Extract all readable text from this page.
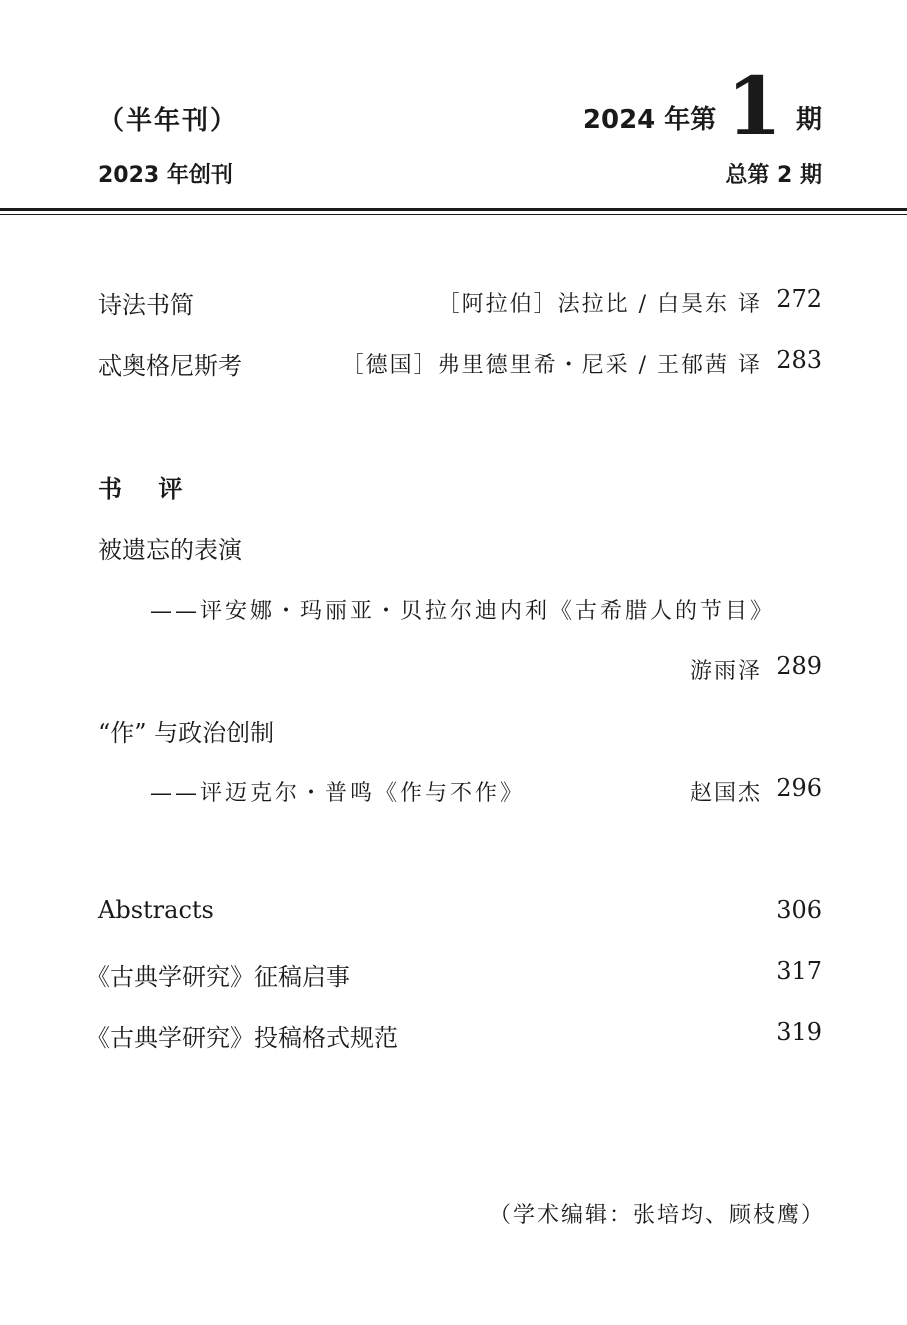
（半年刊）
2023 年创刊
2024 年第 1 期
总第 2 期
诗法书简	［阿拉伯］法拉比 / 白昊东 译 272
忒奥格尼斯考	［德国］弗里德里希・尼采 / 王郁茜 译 283
书 评
被遗忘的表演
——评安娜・玛丽亚・贝拉尔迪内利《古希腊人的节目》
游雨泽 289
“作” 与政治创制
——评迈克尔・普鸣《作与不作》	赵国杰 296
Abstracts	306
《古典学研究》征稿启事	317
《古典学研究》投稿格式规范	319
（学术编辑：张培均、顾枝鹰）
